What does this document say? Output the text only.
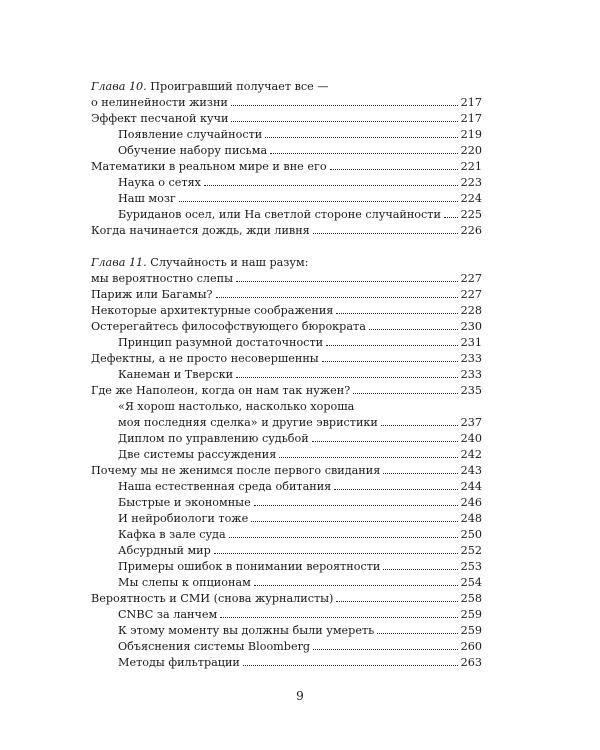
Глава 10. Проигравший получает все —
о нелинейности жизни	217
Эффект песчаной кучи	217
Появление случайности	219
Обучение набору письма	220
Математики в реальном мире и вне его	221
Наука о сетях	223
Наш мозг	224
Буриданов осел, или На светлой стороне случайности 225
Когда начинается дождь, жди ливня	226
Глава 11. Случайность и наш разум:
мы вероятностно слепы	227
Париж или Багамы?	227
Некоторые архитектурные соображения	228
Остерегайтесь философствующего бюрократа	230
Принцип разумной достаточности	231
Дефектны, а не просто несовершенны	233
Канеман и Тверски	233
Где же Наполеон, когда он нам так нужен?	235
«Я хорош настолько, насколько хороша
моя последняя сделка» и другие эвристики	237
Диплом по управлению судьбой	240
Две системы рассуждения	242
Почему мы не женимся после первого свидания	243
Наша естественная среда обитания	244
Быстрые и экономные	246
И нейробиологи тоже	248
Кафка в зале суда	250
Абсурдный мир	252
Примеры ошибок в понимании вероятности	253
Мы слепы к опционам	254
Вероятность и СМИ (снова журналисты)	258
CNBC за ланчем	259
К этому моменту вы должны были умереть	259
Объяснения системы Bloomberg	260
Методы фильтрации	263
9
